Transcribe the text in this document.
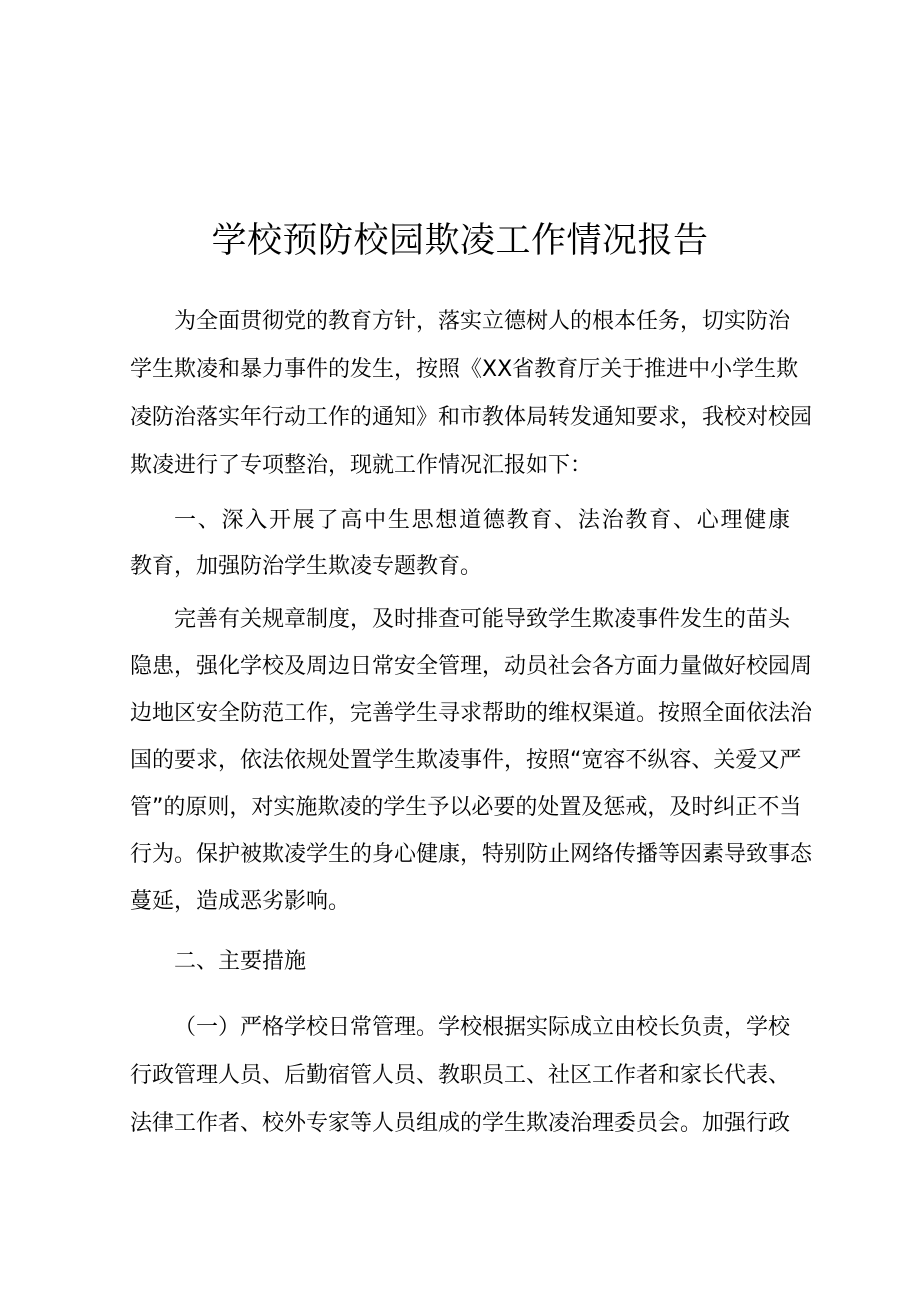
学校预防校园欺凌工作情况报告
为全面贯彻党的教育方针，落实立德树人的根本任务，切实防治
学生欺凌和暴力事件的发生，按照《XX省教育厅关于推进中小学生欺
凌防治落实年行动工作的通知》和市教体局转发通知要求，我校对校园
欺凌进行了专项整治，现就工作情况汇报如下：
一、深入开展了高中生思想道德教育、法治教育、心理健康
教育，加强防治学生欺凌专题教育。
完善有关规章制度，及时排查可能导致学生欺凌事件发生的苗头
隐患，强化学校及周边日常安全管理，动员社会各方面力量做好校园周
边地区安全防范工作，完善学生寻求帮助的维权渠道。按照全面依法治
国的要求，依法依规处置学生欺凌事件，按照“宽容不纵容、关爱又严
管”的原则，对实施欺凌的学生予以必要的处置及惩戒，及时纠正不当
行为。保护被欺凌学生的身心健康，特别防止网络传播等因素导致事态
蔓延，造成恶劣影响。
二、主要措施
（一）严格学校日常管理。学校根据实际成立由校长负责，学校
行政管理人员、后勤宿管人员、教职员工、社区工作者和家长代表、
法律工作者、校外专家等人员组成的学生欺凌治理委员会。加强行政
